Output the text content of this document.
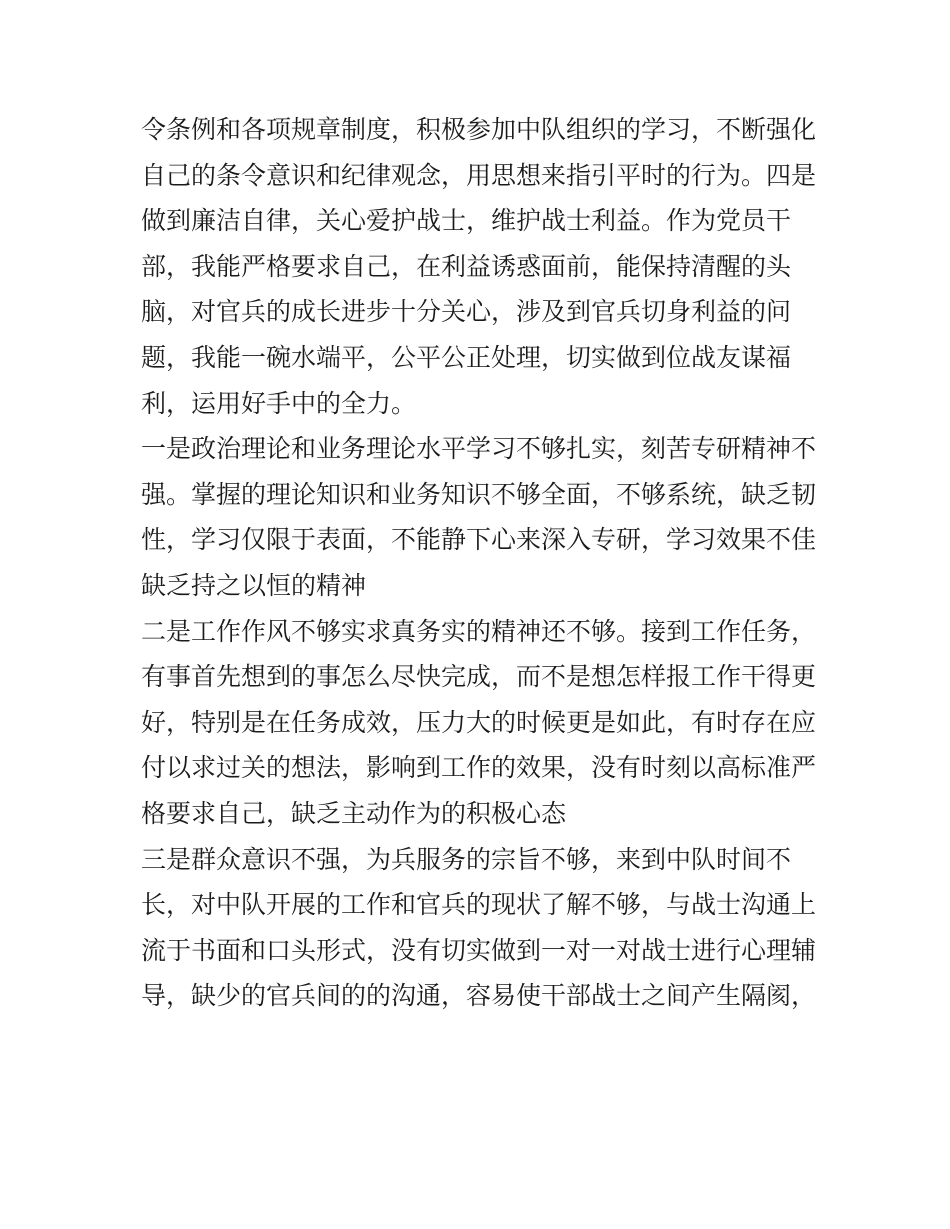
令条例和各项规章制度，积极参加中队组织的学习，不断强化
自己的条令意识和纪律观念，用思想来指引平时的行为。四是
做到廉洁自律，关心爱护战士，维护战士利益。作为党员干
部，我能严格要求自己，在利益诱惑面前，能保持清醒的头
脑，对官兵的成长进步十分关心，涉及到官兵切身利益的问
题，我能一碗水端平，公平公正处理，切实做到位战友谋福
利，运用好手中的全力。
一是政治理论和业务理论水平学习不够扎实，刻苦专研精神不
强。掌握的理论知识和业务知识不够全面，不够系统，缺乏韧
性，学习仅限于表面，不能静下心来深入专研，学习效果不佳
缺乏持之以恒的精神
二是工作作风不够实求真务实的精神还不够。接到工作任务，
有事首先想到的事怎么尽快完成，而不是想怎样报工作干得更
好，特别是在任务成效，压力大的时候更是如此，有时存在应
付以求过关的想法，影响到工作的效果，没有时刻以高标准严
格要求自己，缺乏主动作为的积极心态
三是群众意识不强，为兵服务的宗旨不够，来到中队时间不
长，对中队开展的工作和官兵的现状了解不够，与战士沟通上
流于书面和口头形式，没有切实做到一对一对战士进行心理辅
导，缺少的官兵间的的沟通，容易使干部战士之间产生隔阂，
